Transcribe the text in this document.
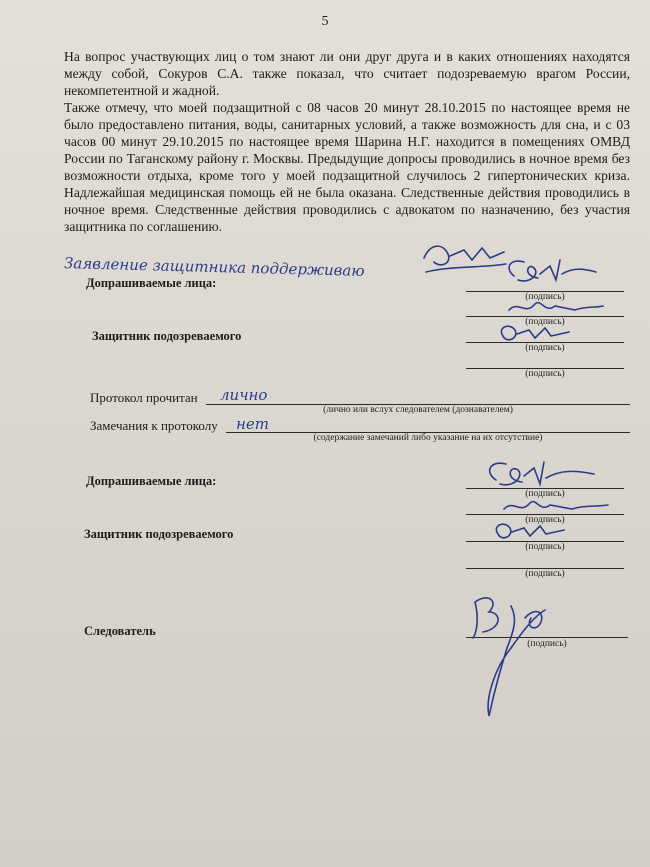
5

На вопрос участвующих лиц о том знают ли они друг друга и в каких отношениях находятся между собой, Сокуров С.А. также показал, что считает подозреваемую врагом России, некомпетентной и жадной.

Также отмечу, что моей подзащитной с 08 часов 20 минут 28.10.2015 по настоящее время не было предоставлено питания, воды, санитарных условий, а также возможность для сна, и с 03 часов 00 минут 29.10.2015 по настоящее время Шарина Н.Г. находится в помещениях ОМВД России по Таганскому району г. Москвы. Предыдущие допросы проводились в ночное время без возможности отдыха, кроме того у моей подзащитной случилось 2 гипертонических криза. Надлежайшая медицинская помощь ей не была оказана. Следственные действия проводились в ночное время. Следственные действия проводились с адвокатом по назначению, без участия защитника по соглашению.

Заявление защитника поддерживаю
Допрашиваемые лица:
(подпись)
(подпись)
Защитник подозреваемого
(подпись)
(подпись)
Протокол прочитан лично
(лично или вслух следователем (дознавателем)
Замечания к протоколу нет
(содержание замечаний либо указание на их отсутствие)
Допрашиваемые лица:
(подпись)
(подпись)
Защитник подозреваемого
(подпись)
(подпись)
Следователь
(подпись)
